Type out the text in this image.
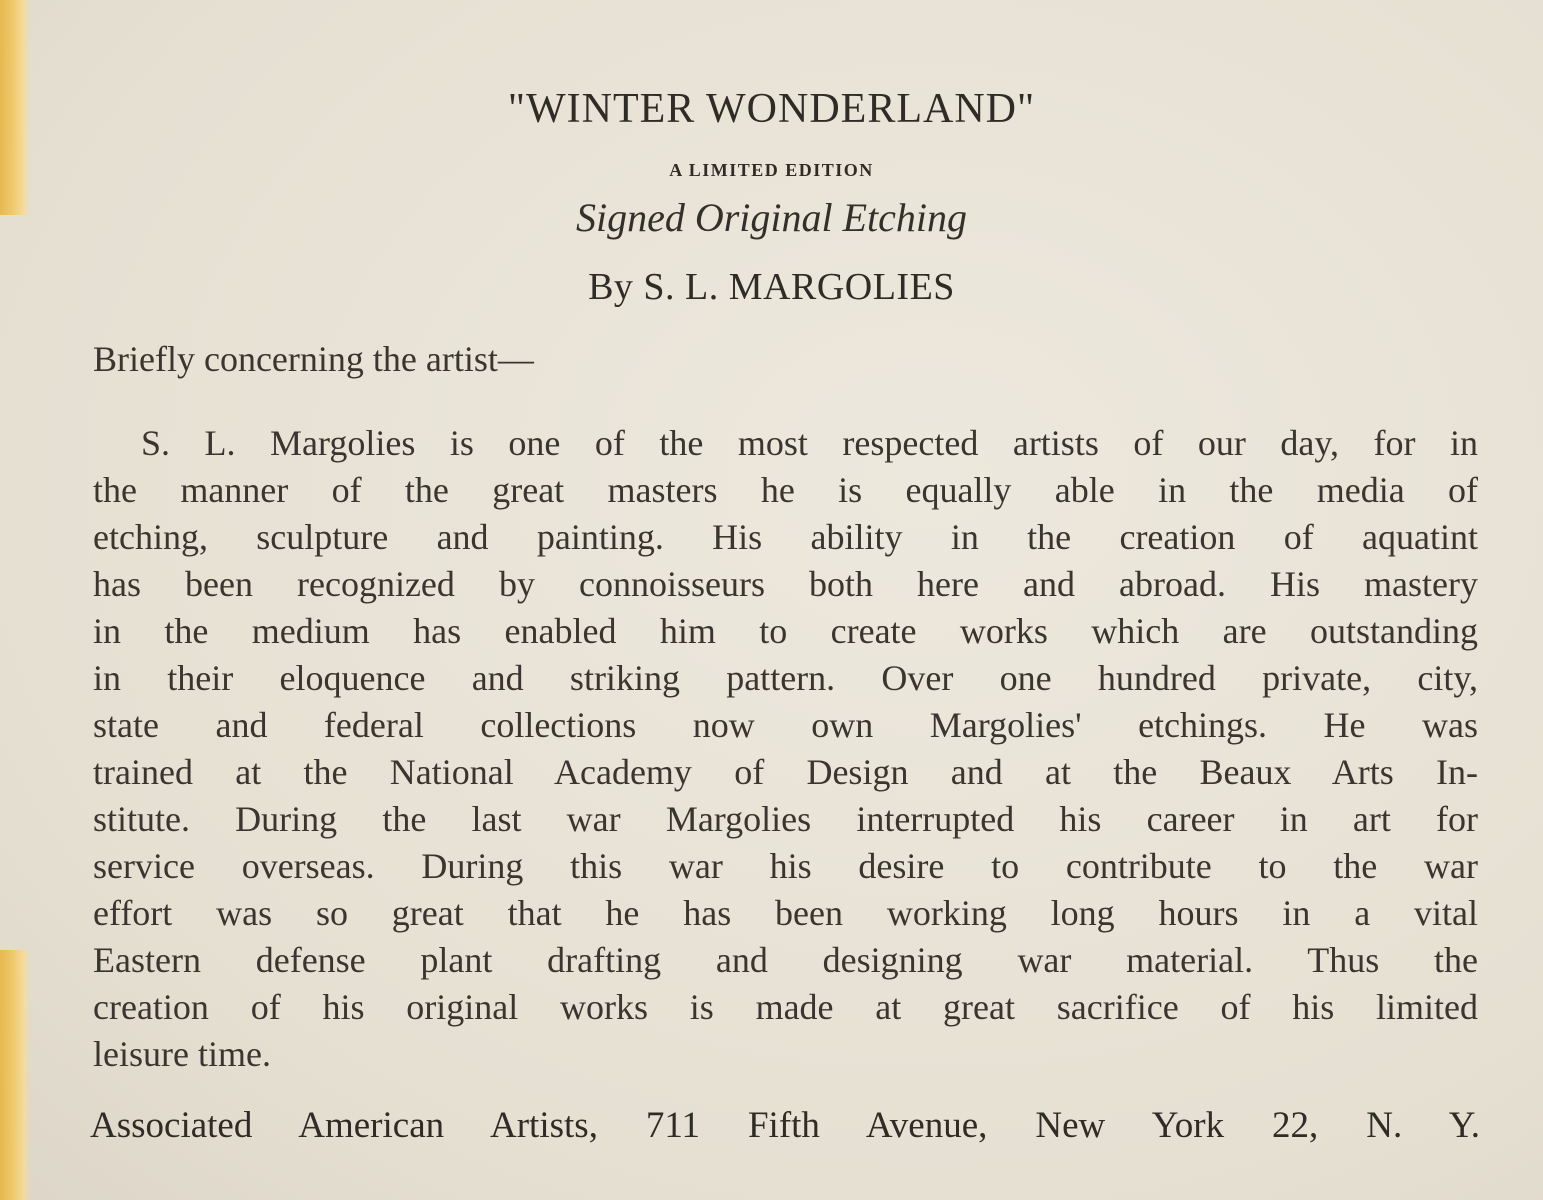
"WINTER WONDERLAND"
A LIMITED EDITION
Signed Original Etching
By S. L. MARGOLIES
Briefly concerning the artist—
S. L. Margolies is one of the most respected artists of our day, for in
the manner of the great masters he is equally able in the media of
etching, sculpture and painting. His ability in the creation of aquatint
has been recognized by connoisseurs both here and abroad. His mastery
in the medium has enabled him to create works which are outstanding
in their eloquence and striking pattern. Over one hundred private, city,
state and federal collections now own Margolies' etchings. He was
trained at the National Academy of Design and at the Beaux Arts In-
stitute. During the last war Margolies interrupted his career in art for
service overseas. During this war his desire to contribute to the war
effort was so great that he has been working long hours in a vital
Eastern defense plant drafting and designing war material. Thus the
creation of his original works is made at great sacrifice of his limited
leisure time.
Associated American Artists, 711 Fifth Avenue, New York 22, N. Y.
